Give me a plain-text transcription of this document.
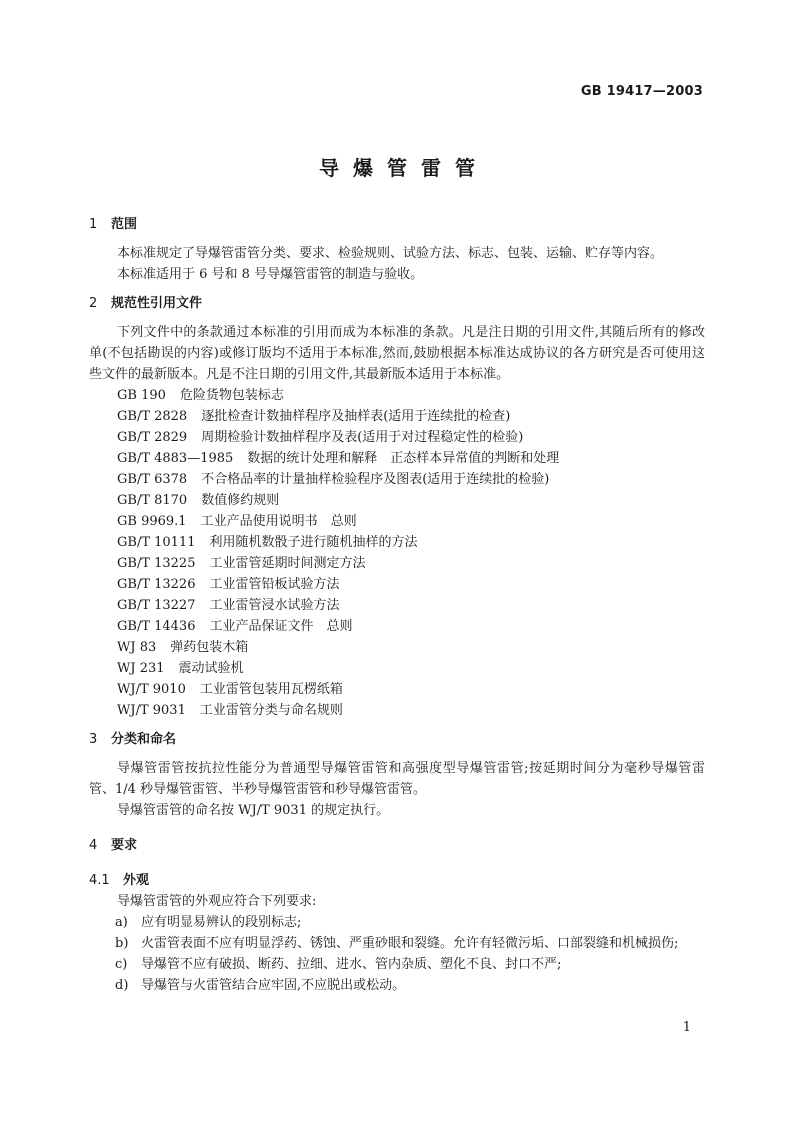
GB 19417—2003
导爆管雷管
1 范围

本标准规定了导爆管雷管分类、要求、检验规则、试验方法、标志、包装、运输、贮存等内容。

本标准适用于 6 号和 8 号导爆管雷管的制造与验收。

2 规范性引用文件

下列文件中的条款通过本标准的引用而成为本标准的条款。凡是注日期的引用文件,其随后所有的修改单(不包括勘误的内容)或修订版均不适用于本标准,然而,鼓励根据本标准达成协议的各方研究是否可使用这些文件的最新版本。凡是不注日期的引用文件,其最新版本适用于本标准。

GB 190 危险货物包装标志

GB/T 2828 逐批检查计数抽样程序及抽样表(适用于连续批的检查)

GB/T 2829 周期检验计数抽样程序及表(适用于对过程稳定性的检验)

GB/T 4883—1985 数据的统计处理和解释　正态样本异常值的判断和处理

GB/T 6378 不合格品率的计量抽样检验程序及图表(适用于连续批的检验)

GB/T 8170 数值修约规则

GB 9969.1 工业产品使用说明书　总则

GB/T 10111 利用随机数骰子进行随机抽样的方法

GB/T 13225 工业雷管延期时间测定方法

GB/T 13226 工业雷管铅板试验方法

GB/T 13227 工业雷管浸水试验方法

GB/T 14436 工业产品保证文件　总则

WJ 83 弹药包装木箱

WJ 231 震动试验机

WJ/T 9010 工业雷管包装用瓦楞纸箱

WJ/T 9031 工业雷管分类与命名规则

3 分类和命名

导爆管雷管按抗拉性能分为普通型导爆管雷管和高强度型导爆管雷管;按延期时间分为毫秒导爆管雷管、1/4 秒导爆管雷管、半秒导爆管雷管和秒导爆管雷管。

导爆管雷管的命名按 WJ/T 9031 的规定执行。

4 要求
4.1 外观

导爆管雷管的外观应符合下列要求:

a) 应有明显易辨认的段别标志;

b) 火雷管表面不应有明显浮药、锈蚀、严重砂眼和裂缝。允许有轻微污垢、口部裂缝和机械损伤;

c) 导爆管不应有破损、断药、拉细、进水、管内杂质、塑化不良、封口不严;

d) 导爆管与火雷管结合应牢固,不应脱出或松动。

1
